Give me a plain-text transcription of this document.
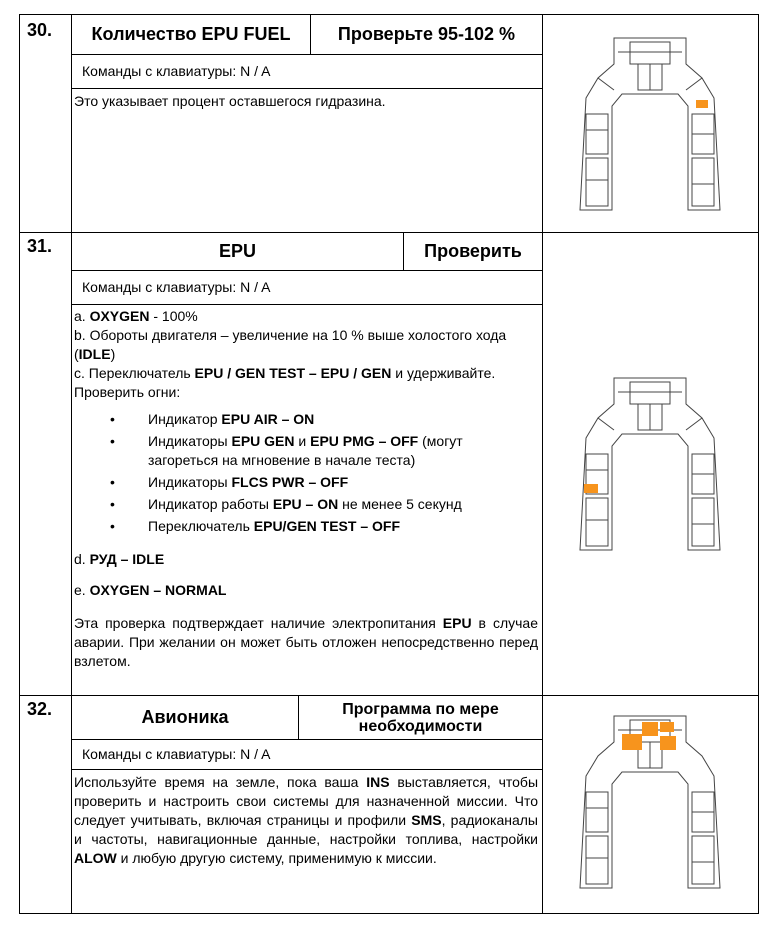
30.	Количество EPU FUEL	Проверьте 95-102 %
Команды с клавиатуры: N / A
Это указывает процент оставшегося гидразина.
31.	EPU	Проверить
Команды с клавиатуры: N / A
a. OXYGEN - 100%
b. Обороты двигателя – увеличение на 10 % выше холостого хода (IDLE)
c. Переключатель EPU / GEN TEST – EPU / GEN и удерживайте. Проверить огни:
• Индикатор EPU AIR – ON
• Индикаторы EPU GEN и EPU PMG – OFF (могут загореться на мгновение в начале теста)
• Индикаторы FLCS PWR – OFF
• Индикатор работы EPU – ON не менее 5 секунд
• Переключатель EPU/GEN TEST – OFF
d. РУД – IDLE
e. OXYGEN – NORMAL
Эта проверка подтверждает наличие электропитания EPU в случае аварии. При желании он может быть отложен непосредственно перед взлетом.
32.	Авионика	Программа по мере необходимости
Команды с клавиатуры: N / A
Используйте время на земле, пока ваша INS выставляется, чтобы проверить и настроить свои системы для назначенной миссии. Что следует учитывать, включая страницы и профили SMS, радиоканалы и частоты, навигационные данные, настройки топлива, настройки ALOW и любую другую систему, применимую к миссии.
